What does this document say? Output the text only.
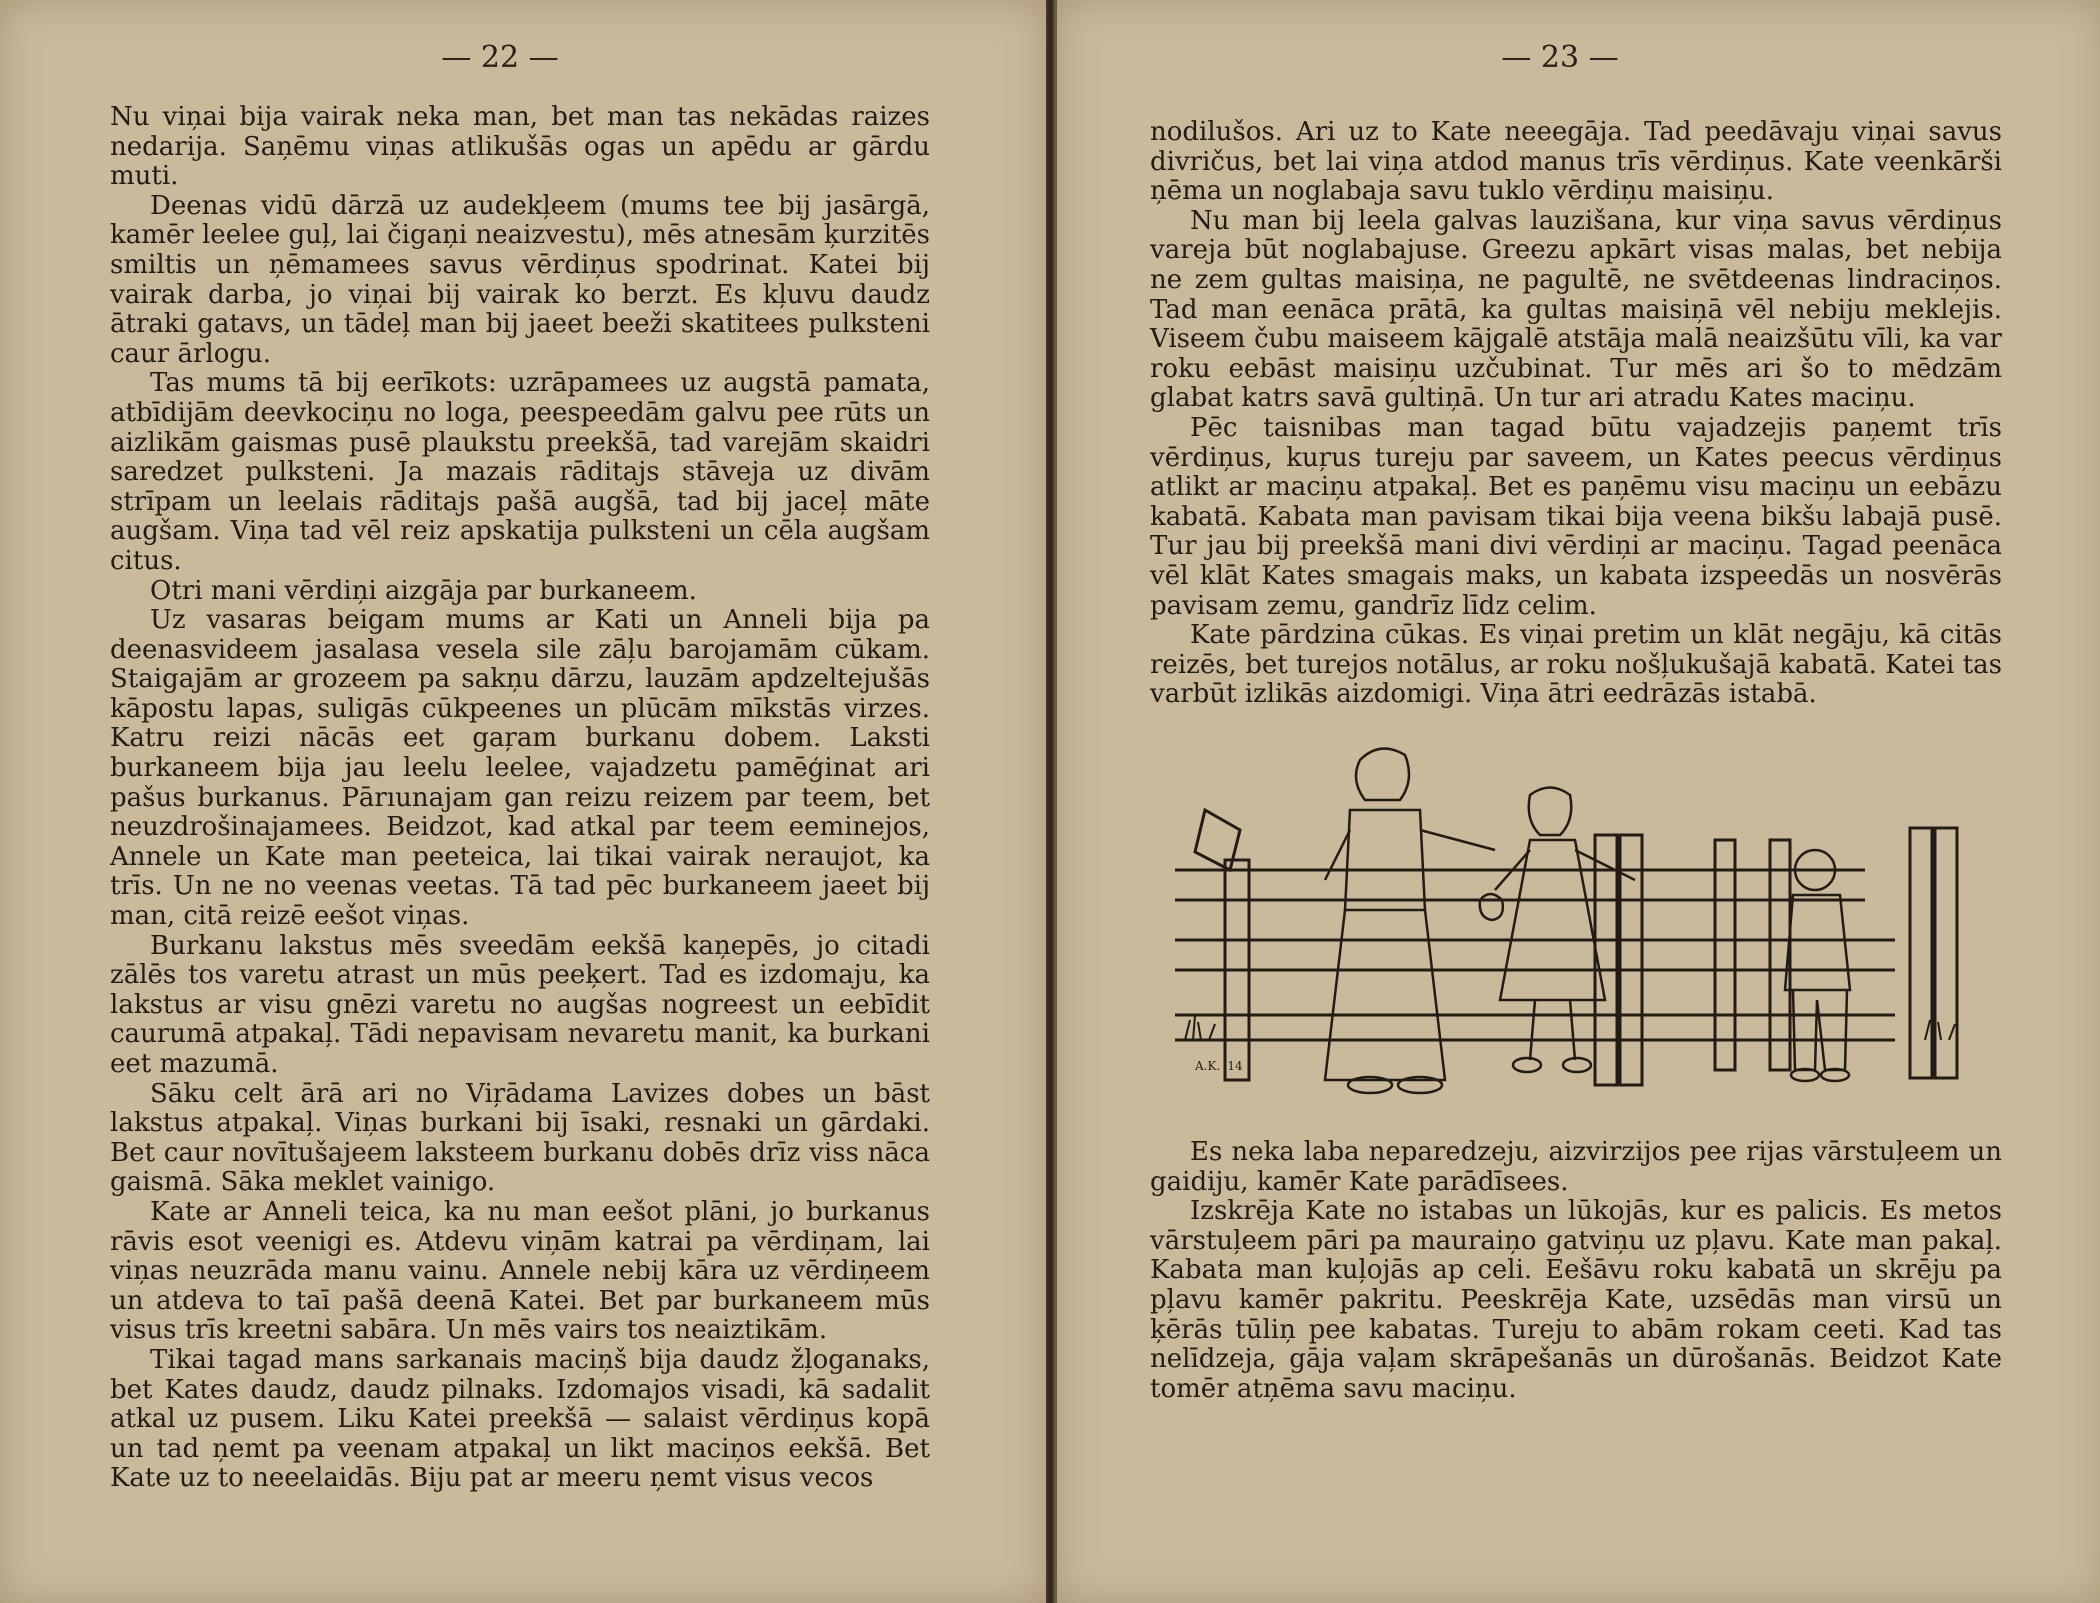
— 22 —	— 23 —

Nu viņai bija vairak neka man, bet man tas nekādas raizes nedarija. Saņēmu viņas atlikušās ogas un apēdu ar gārdu muti.

Deenas vidū dārzā uz audekļeem (mums tee bij jasārgā, kamēr leelee guļ, lai čigaņi neaizvestu), mēs atnesām ķurzitēs smiltis un ņēmamees savus vērdiņus spodrinat. Katei bij vairak darba, jo viņai bij vairak ko berzt. Es kļuvu daudz ātraki gatavs, un tādeļ man bij jaeet beeži skatitees pulksteni caur ārlogu.

Tas mums tā bij eerīkots: uzrāpamees uz augstā pamata, atbīdijām deevkociņu no loga, peespeedām galvu pee rūts un aizlikām gaismas pusē plaukstu preekšā, tad varejām skaidri saredzet pulksteni. Ja mazais rāditajs stāveja uz divām strīpam un leelais rāditajs pašā augšā, tad bij jaceļ māte augšam. Viņa tad vēl reiz apskatija pulksteni un cēla augšam citus.

Otri mani vērdiņi aizgāja par burkaneem.

Uz vasaras beigam mums ar Kati un Anneli bija pa deenasvideem jasalasa vesela sile zāļu barojamām cūkam. Staigajām ar grozeem pa sakņu dārzu, lauzām apdzeltejušās kāpostu lapas, suligās cūkpeenes un plūcām mīkstās virzes. Katru reizi nācās eet gaŗam burkanu dobem. Laksti burkaneem bija jau leelu leelee, vajadzetu pamēģinat ari pašus burkanus. Pārıunajam gan reizu reizem par teem, bet neuzdrošinajamees. Beidzot, kad atkal par teem eeminejos, Annele un Kate man peeteica, lai tikai vairak neraujot, ka trīs. Un ne no veenas veetas. Tā tad pēc burkaneem jaeet bij man, citā reizē eešot viņas.

Burkanu lakstus mēs sveedām eekšā kaņepēs, jo citadi zālēs tos varetu atrast un mūs peeķert. Tad es izdomaju, ka lakstus ar visu gnēzi varetu no augšas nogreest un eebīdit caurumā atpakaļ. Tādi nepavisam nevaretu manit, ka burkani eet mazumā.

Sāku celt ārā ari no Viŗādama Lavizes dobes un bāst lakstus atpakaļ. Viņas burkani bij īsaki, resnaki un gārdaki. Bet caur novītušajeem laksteem burkanu dobēs drīz viss nāca gaismā. Sāka meklet vainigo.

Kate ar Anneli teica, ka nu man eešot plāni, jo burkanus rāvis esot veenigi es. Atdevu viņām katrai pa vērdiņam, lai viņas neuzrāda manu vainu. Annele nebij kāra uz vērdiņeem un atdeva to taī pašā deenā Katei. Bet par burkaneem mūs visus trīs kreetni sabāra. Un mēs vairs tos neaiztikām.

Tikai tagad mans sarkanais maciņš bija daudz žļoganaks, bet Kates daudz, daudz pilnaks. Izdomajos visadi, kā sadalit atkal uz pusem. Liku Katei preekšā — salaist vērdiņus kopā un tad ņemt pa veenam atpakaļ un likt maciņos eekšā. Bet Kate uz to neeelaidās. Biju pat ar meeru ņemt visus vecos

nodilušos. Ari uz to Kate neeegāja. Tad peedāvaju viņai savus divričus, bet lai viņa atdod manus trīs vērdiņus. Kate veenkārši ņēma un noglabaja savu tuklo vērdiņu maisiņu.

Nu man bij leela galvas lauzišana, kur viņa savus vērdiņus vareja būt noglabajuse. Greezu apkārt visas malas, bet nebija ne zem gultas maisiņa, ne pagultē, ne svētdeenas lindraciņos. Tad man eenāca prātā, ka gultas maisiņā vēl nebiju meklejis. Viseem čubu maiseem kājgalē atstāja malā neaizšūtu vīli, ka var roku eebāst maisiņu uzčubinat. Tur mēs ari šo to mēdzām glabat katrs savā gultiņā. Un tur ari atradu Kates maciņu.

Pēc taisnibas man tagad būtu vajadzejis paņemt trīs vērdiņus, kuŗus tureju par saveem, un Kates peecus vērdiņus atlikt ar maciņu atpakaļ. Bet es paņēmu visu maciņu un eebāzu kabatā. Kabata man pavisam tikai bija veena bikšu labajā pusē. Tur jau bij preekšā mani divi vērdiņi ar maciņu. Tagad peenāca vēl klāt Kates smagais maks, un kabata izspeedās un nosvērās pavisam zemu, gandrīz līdz celim.

Kate pārdzina cūkas. Es viņai pretim un klāt negāju, kā citās reizēs, bet turejos notālus, ar roku nošļukušajā kabatā. Katei tas varbūt izlikās aizdomigi. Viņa ātri eedrāzās istabā.

Es neka laba neparedzeju, aizvirzijos pee rijas vārstuļeem un gaidiju, kamēr Kate parādīsees.

Izskrēja Kate no istabas un lūkojās, kur es palicis. Es metos vārstuļeem pāri pa mauraiņo gatviņu uz pļavu. Kate man pakaļ. Kabata man kuļojās ap celi. Eešāvu roku kabatā un skrēju pa pļavu kamēr pakritu. Peeskrēja Kate, uzsēdās man virsū un ķērās tūliņ pee kabatas. Tureju to abām rokam ceeti. Kad tas nelīdzeja, gāja vaļam skrāpešanās un dūrošanās. Beidzot Kate tomēr atņēma savu maciņu.

A.K. '14
